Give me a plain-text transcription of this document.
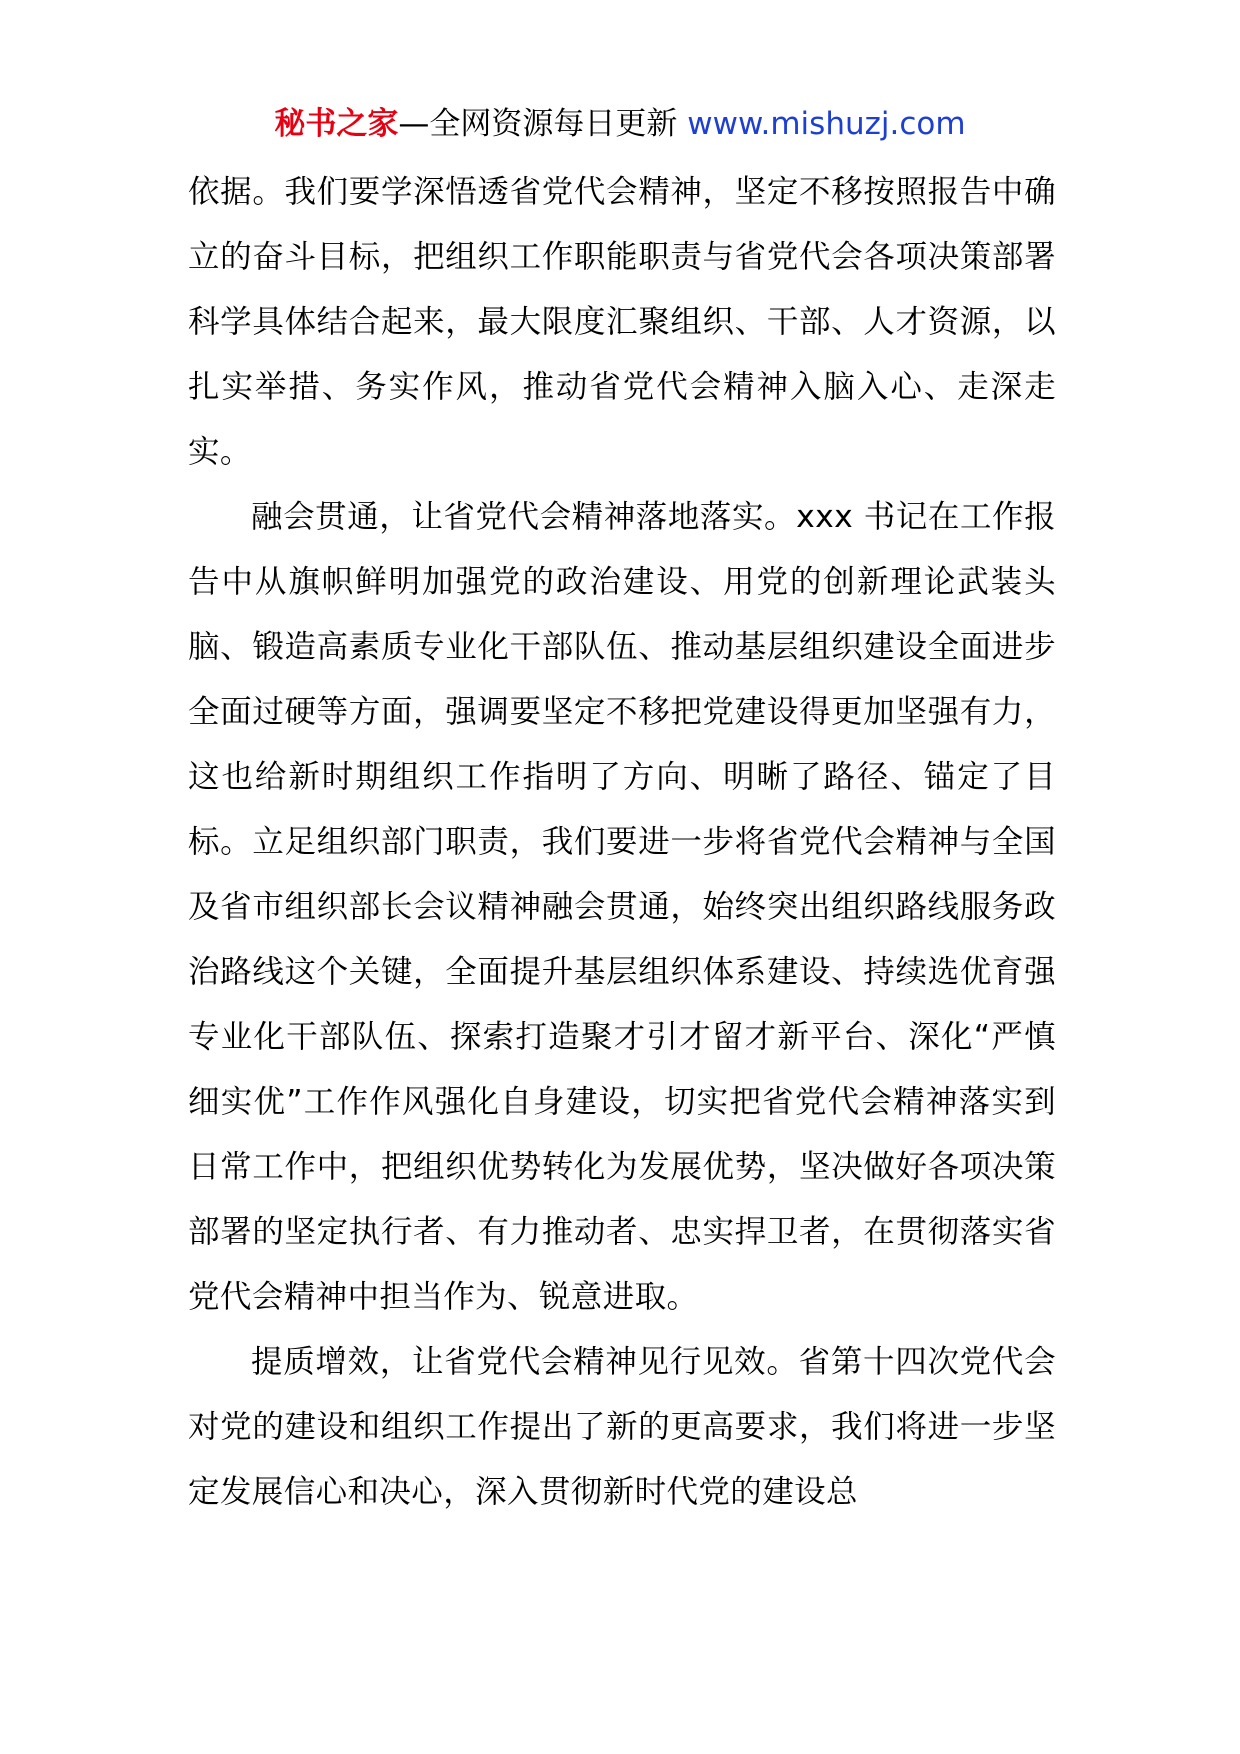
秘书之家—全网资源每日更新 www.mishuzj.com

依据。我们要学深悟透省党代会精神，坚定不移按照报告中确立的奋斗目标，把组织工作职能职责与省党代会各项决策部署科学具体结合起来，最大限度汇聚组织、干部、人才资源，以扎实举措、务实作风，推动省党代会精神入脑入心、走深走实。

融会贯通，让省党代会精神落地落实。xxx 书记在工作报告中从旗帜鲜明加强党的政治建设、用党的创新理论武装头脑、锻造高素质专业化干部队伍、推动基层组织建设全面进步全面过硬等方面，强调要坚定不移把党建设得更加坚强有力，这也给新时期组织工作指明了方向、明晰了路径、锚定了目标。立足组织部门职责，我们要进一步将省党代会精神与全国及省市组织部长会议精神融会贯通，始终突出组织路线服务政治路线这个关键，全面提升基层组织体系建设、持续选优育强专业化干部队伍、探索打造聚才引才留才新平台、深化“严慎细实优”工作作风强化自身建设，切实把省党代会精神落实到日常工作中，把组织优势转化为发展优势，坚决做好各项决策部署的坚定执行者、有力推动者、忠实捍卫者，在贯彻落实省党代会精神中担当作为、锐意进取。

提质增效，让省党代会精神见行见效。省第十四次党代会对党的建设和组织工作提出了新的更高要求，我们将进一步坚定发展信心和决心，深入贯彻新时代党的建设总
